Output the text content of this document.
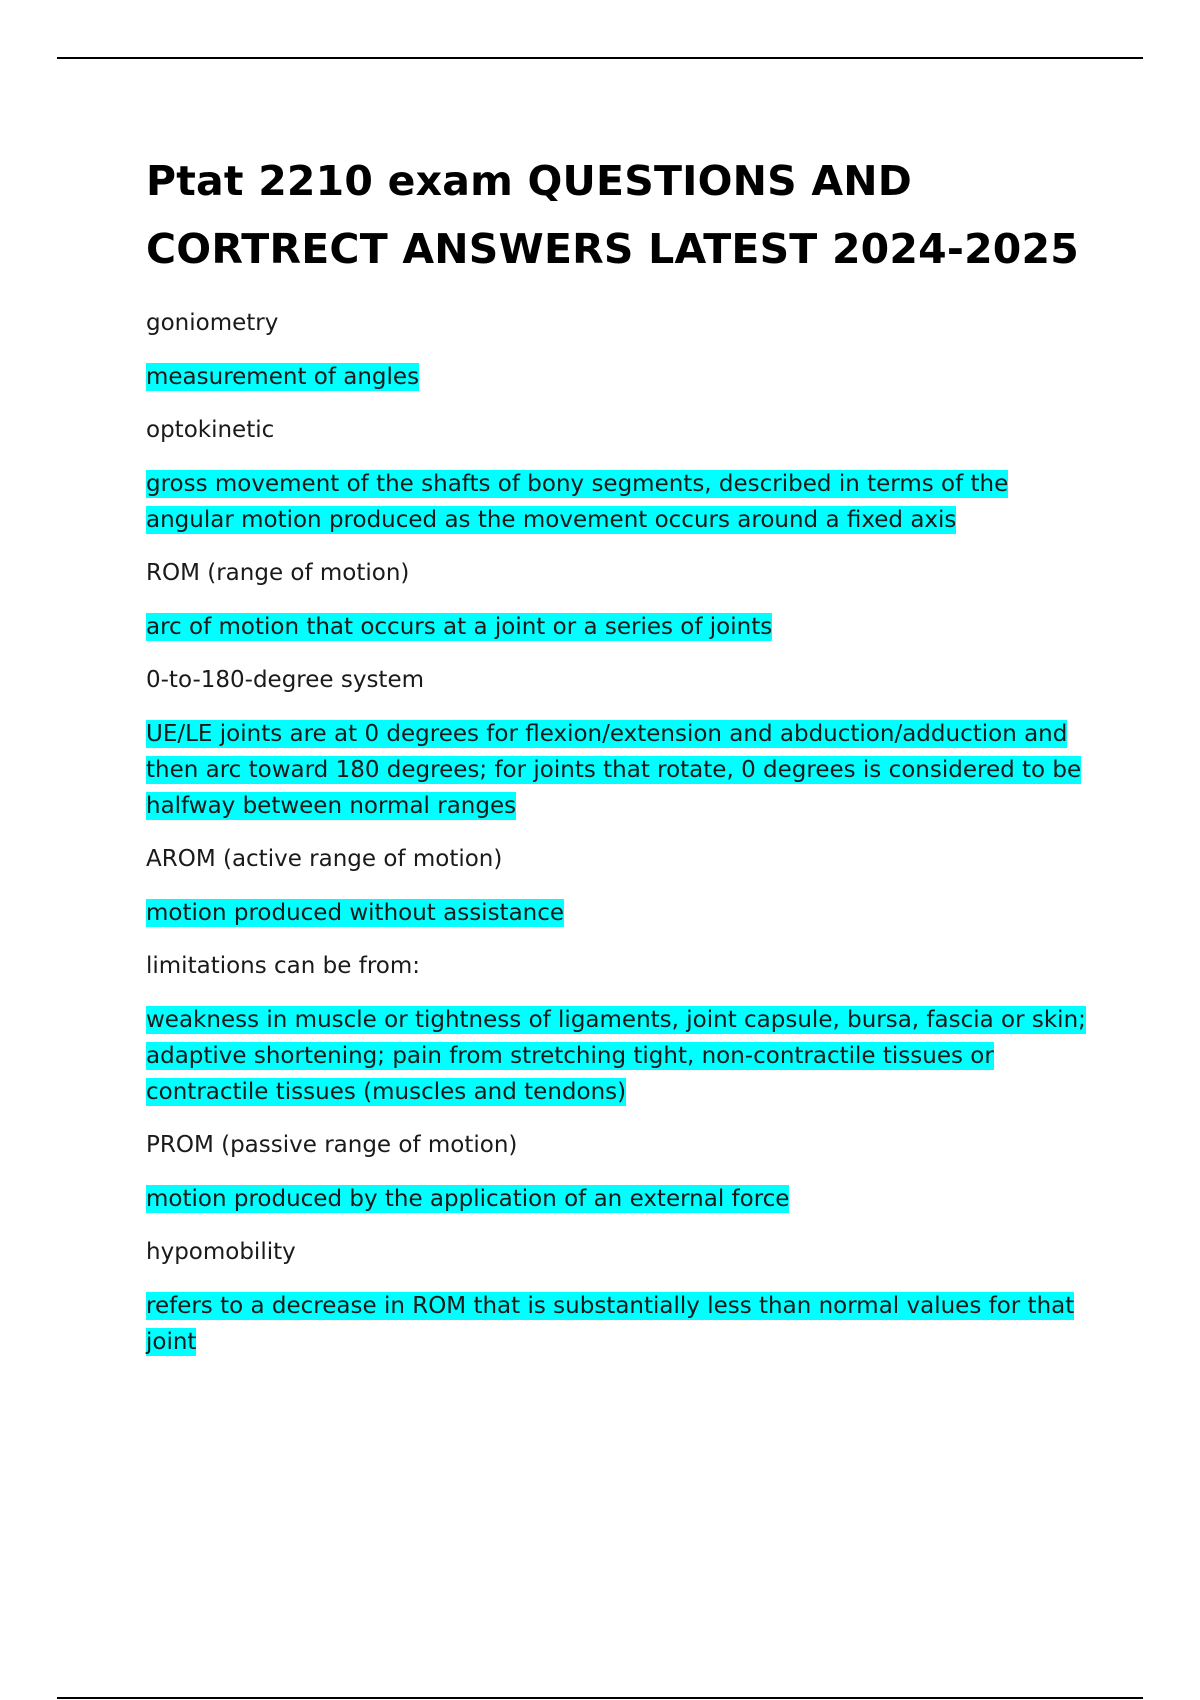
Ptat 2210 exam QUESTIONS AND CORTRECT ANSWERS LATEST 2024-2025

goniometry

measurement of angles

optokinetic

gross movement of the shafts of bony segments, described in terms of the angular motion produced as the movement occurs around a fixed axis

ROM (range of motion)

arc of motion that occurs at a joint or a series of joints

0-to-180-degree system

UE/LE joints are at 0 degrees for flexion/extension and abduction/adduction and then arc toward 180 degrees; for joints that rotate, 0 degrees is considered to be halfway between normal ranges

AROM (active range of motion)

motion produced without assistance

limitations can be from:

weakness in muscle or tightness of ligaments, joint capsule, bursa, fascia or skin; adaptive shortening; pain from stretching tight, non-contractile tissues or contractile tissues (muscles and tendons)

PROM (passive range of motion)

motion produced by the application of an external force

hypomobility

refers to a decrease in ROM that is substantially less than normal values for that joint
